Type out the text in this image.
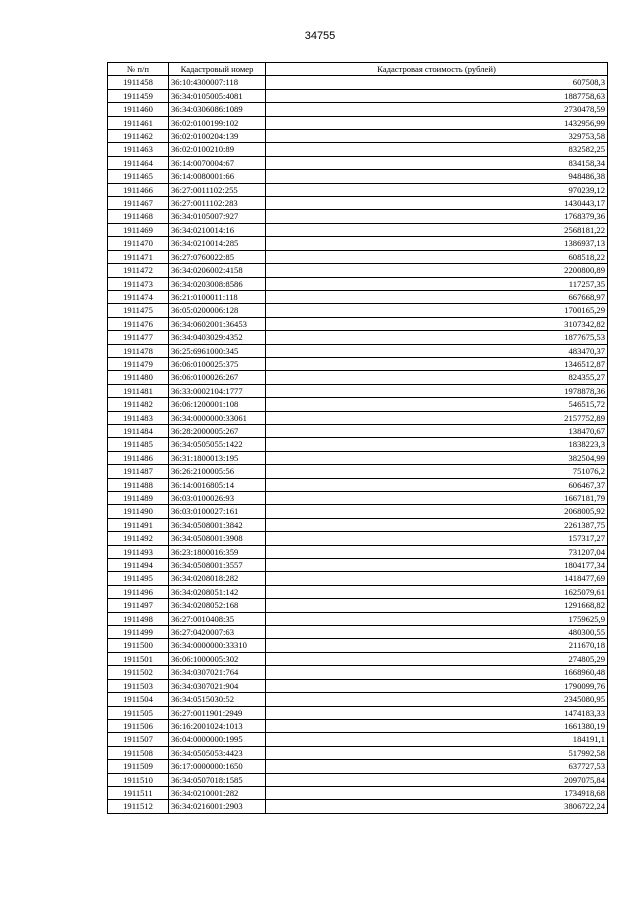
34755
№ п/п	Кадастровый номер	Кадастровая стоимость (рублей)
1911458	36:10:4300007:118	607508,3
1911459	36:34:0105005:4081	1887758,63
1911460	36:34:0306086:1089	2730478,59
1911461	36:02:0100199:102	1432956,99
1911462	36:02:0100204:139	329753,58
1911463	36:02:0100210:89	832582,25
1911464	36:14:0070004:67	834158,34
1911465	36:14:0080001:66	948486,38
1911466	36:27:0011102:255	970239,12
1911467	36:27:0011102:283	1430443,17
1911468	36:34:0105007:927	1768379,36
1911469	36:34:0210014:16	2568181,22
1911470	36:34:0210014:285	1386937,13
1911471	36:27:0760022:85	608518,22
1911472	36:34:0206002:4158	2200800,89
1911473	36:34:0203008:8586	117257,35
1911474	36:21:0100011:118	667668,97
1911475	36:05:0200006:128	1700165,29
1911476	36:34:0602001:36453	3107342,82
1911477	36:34:0403029:4352	1877675,53
1911478	36:25:6961000:345	483470,37
1911479	36:06:0100025:375	1346512,87
1911480	36:06:0100026:267	824355,27
1911481	36:33:0002104:1777	1978878,36
1911482	36:06:1200001:108	546515,72
1911483	36:34:0000000:33061	2157752,89
1911484	36:28:2000005:267	138470,67
1911485	36:34:0505055:1422	1838223,3
1911486	36:31:1800013:195	382504,99
1911487	36:26:2100005:56	751076,2
1911488	36:14:0016805:14	606467,37
1911489	36:03:0100026:93	1667181,79
1911490	36:03:0100027:161	2068005,92
1911491	36:34:0508001:3842	2261387,75
1911492	36:34:0508001:3908	157317,27
1911493	36:23:1800016:359	731207,04
1911494	36:34:0508001:3557	1804177,34
1911495	36:34:0208018:282	1418477,69
1911496	36:34:0208051:142	1625079,61
1911497	36:34:0208052:168	1291668,82
1911498	36:27:0010408:35	1759625,9
1911499	36:27:0420007:63	480300,55
1911500	36:34:0000000:33310	211670,18
1911501	36:06:1000005:302	274805,29
1911502	36:34:0307021:764	1668960,48
1911503	36:34:0307021:904	1790099,76
1911504	36:34:0515030:52	2345080,95
1911505	36:27:0011901:2949	1474183,33
1911506	36:16:2001024:1013	1661380,19
1911507	36:04:0000000:1995	184191,1
1911508	36:34:0505053:4423	517992,58
1911509	36:17:0000000:1650	637727,53
1911510	36:34:0507018:1585	2097075,84
1911511	36:34:0210001:282	1734918,68
1911512	36:34:0216001:2903	3806722,24
